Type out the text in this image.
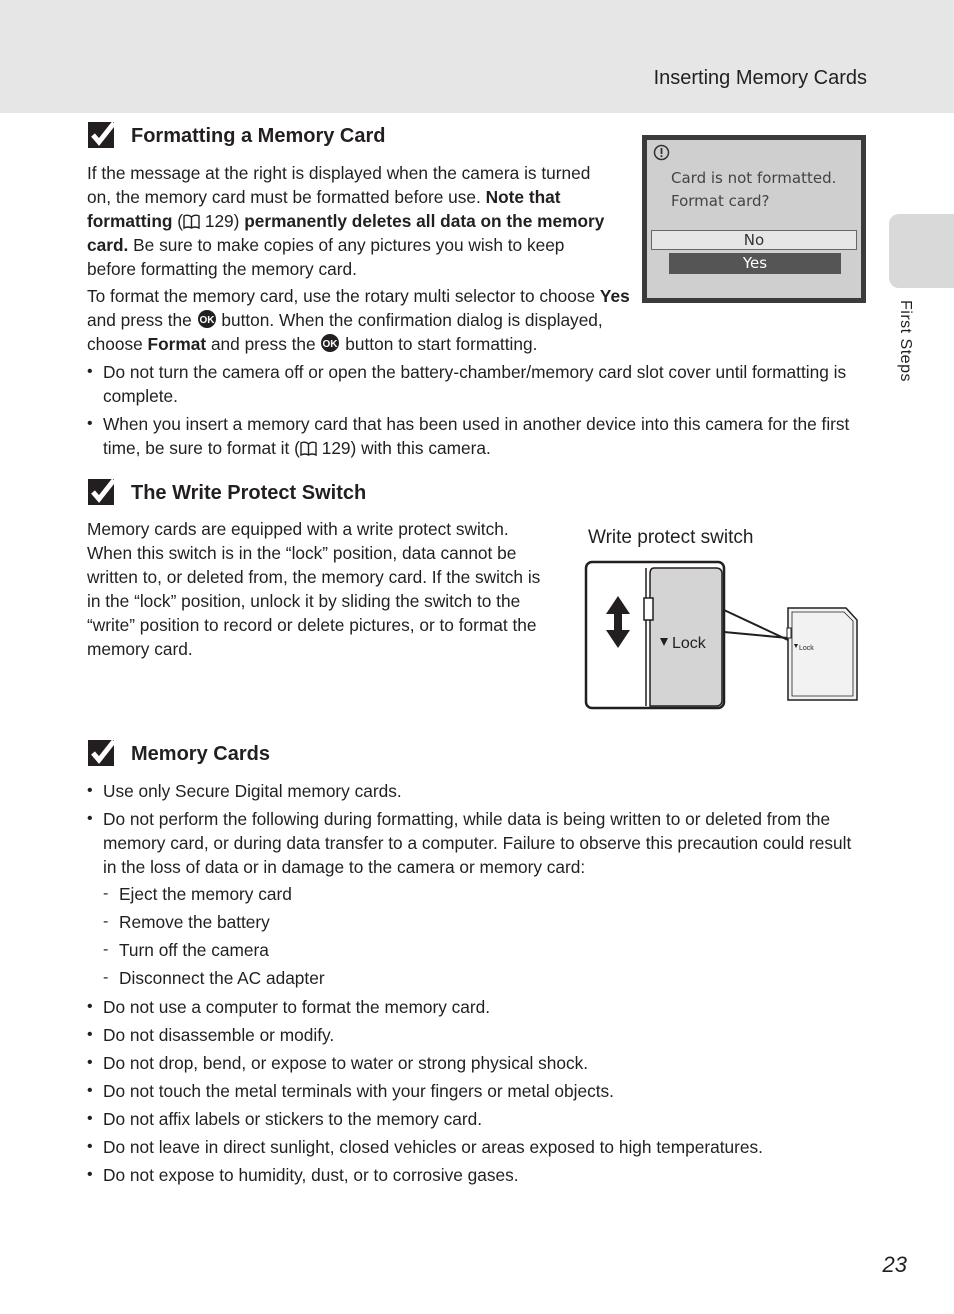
Inserting Memory Cards
First Steps
Formatting a Memory Card
If the message at the right is displayed when the camera is turned on, the memory card must be formatted before use. Note that formatting ( 129) permanently deletes all data on the memory card. Be sure to make copies of any pictures you wish to keep before formatting the memory card.
To format the memory card, use the rotary multi selector to choose Yes and press the OK button. When the confirmation dialog is displayed, choose Format and press the OK button to start formatting.
• Do not turn the camera off or open the battery-chamber/memory card slot cover until formatting is complete.
• When you insert a memory card that has been used in another device into this camera for the first time, be sure to format it ( 129) with this camera.
Card is not formatted.
Format card?
No
Yes
The Write Protect Switch
Memory cards are equipped with a write protect switch. When this switch is in the “lock” position, data cannot be written to, or deleted from, the memory card. If the switch is in the “lock” position, unlock it by sliding the switch to the “write” position to record or delete pictures, or to format the memory card.
Write protect switch
Lock	Lock
Memory Cards
• Use only Secure Digital memory cards.
• Do not perform the following during formatting, while data is being written to or deleted from the memory card, or during data transfer to a computer. Failure to observe this precaution could result in the loss of data or in damage to the camera or memory card:
- Eject the memory card
- Remove the battery
- Turn off the camera
- Disconnect the AC adapter
• Do not use a computer to format the memory card.
• Do not disassemble or modify.
• Do not drop, bend, or expose to water or strong physical shock.
• Do not touch the metal terminals with your fingers or metal objects.
• Do not affix labels or stickers to the memory card.
• Do not leave in direct sunlight, closed vehicles or areas exposed to high temperatures.
• Do not expose to humidity, dust, or to corrosive gases.
23
